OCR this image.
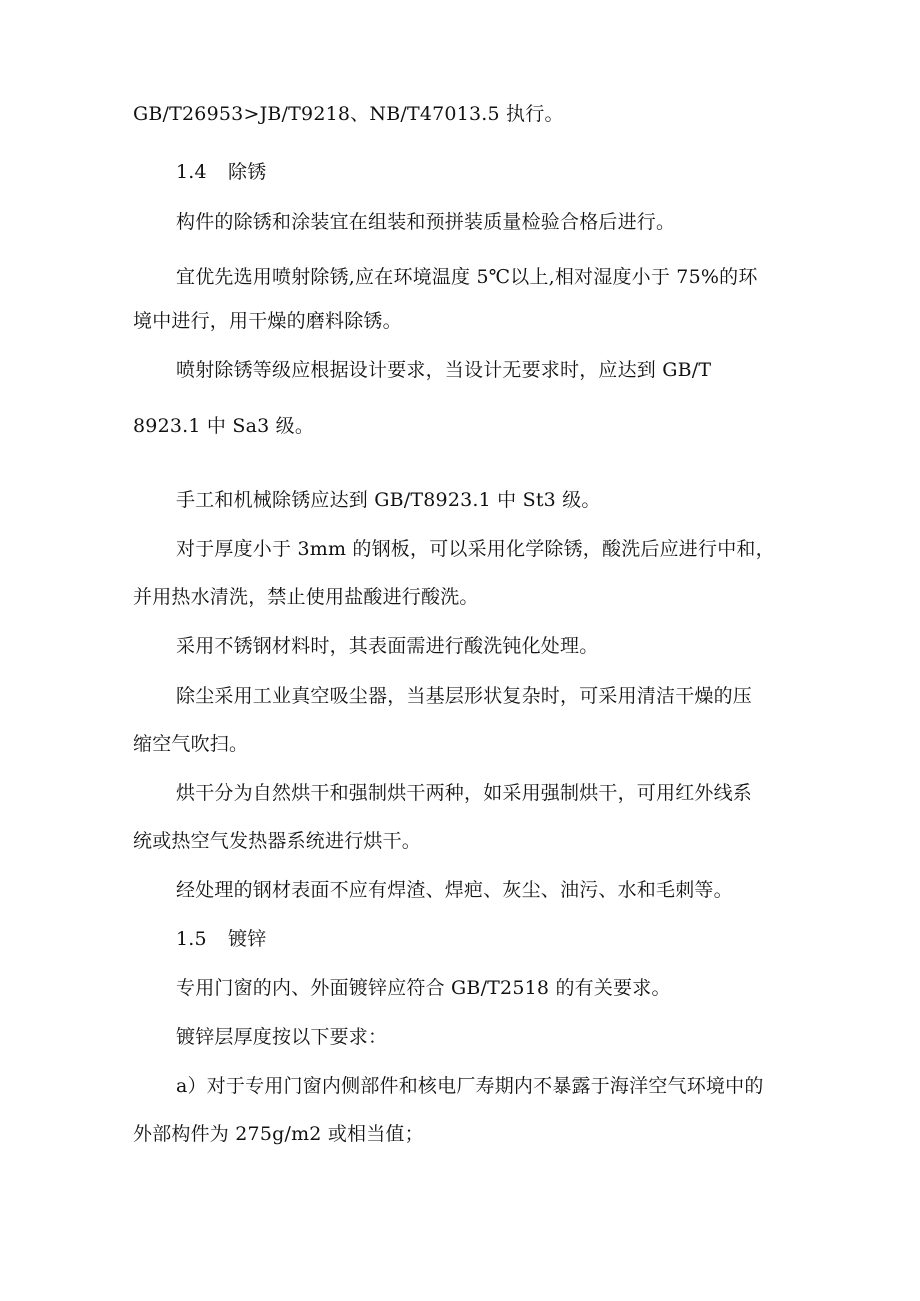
GB/T26953>JB/T9218、NB/T47013.5 执行。
1.4 除锈
构件的除锈和涂装宜在组装和预拼装质量检验合格后进行。
宜优先选用喷射除锈,应在环境温度 5℃以上,相对湿度小于 75%的环
境中进行，用干燥的磨料除锈。
喷射除锈等级应根据设计要求，当设计无要求时，应达到 GB/T
8923.1 中 Sa3 级。
手工和机械除锈应达到 GB/T8923.1 中 St3 级。
对于厚度小于 3mm 的钢板，可以采用化学除锈，酸洗后应进行中和，
并用热水清洗，禁止使用盐酸进行酸洗。
采用不锈钢材料时，其表面需进行酸洗钝化处理。
除尘采用工业真空吸尘器，当基层形状复杂时，可采用清洁干燥的压
缩空气吹扫。
烘干分为自然烘干和强制烘干两种，如采用强制烘干，可用红外线系
统或热空气发热器系统进行烘干。
经处理的钢材表面不应有焊渣、焊疤、灰尘、油污、水和毛刺等。
1.5 镀锌
专用门窗的内、外面镀锌应符合 GB/T2518 的有关要求。
镀锌层厚度按以下要求：
a）对于专用门窗内侧部件和核电厂寿期内不暴露于海洋空气环境中的
外部构件为 275g∕m2 或相当值；
